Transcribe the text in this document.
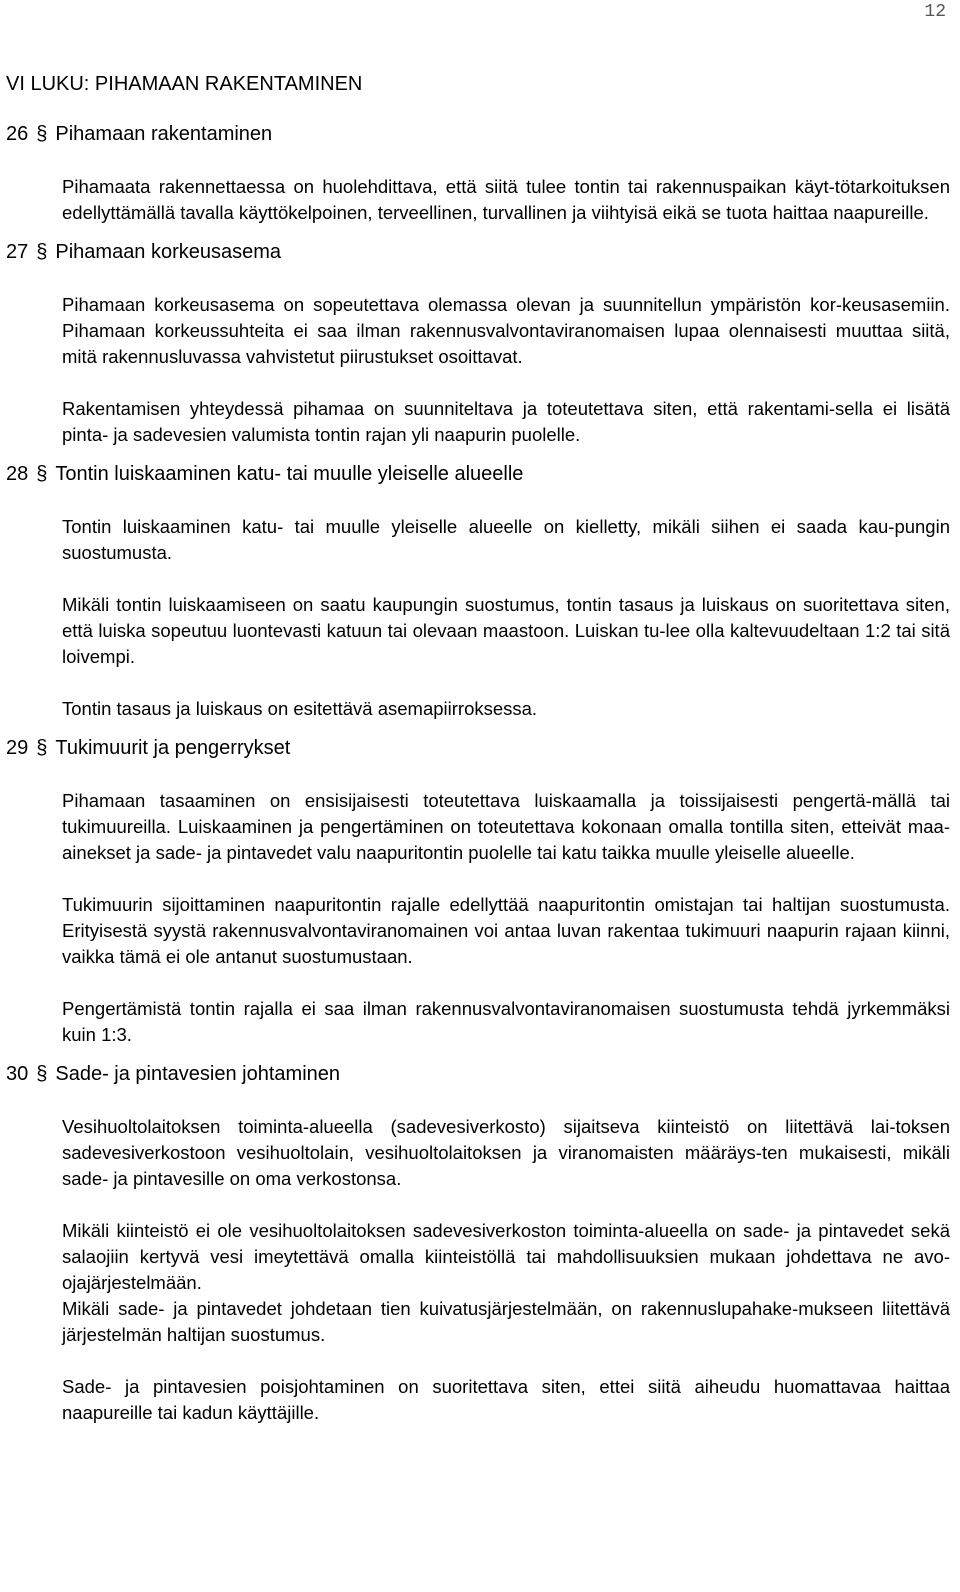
12
VI LUKU: PIHAMAAN RAKENTAMINEN
26 § Pihamaan rakentaminen

Pihamaata rakennettaessa on huolehdittava, että siitä tulee tontin tai rakennuspaikan käyt-tötarkoituksen edellyttämällä tavalla käyttökelpoinen, terveellinen, turvallinen ja viihtyisä eikä se tuota haittaa naapureille.

27 § Pihamaan korkeusasema

Pihamaan korkeusasema on sopeutettava olemassa olevan ja suunnitellun ympäristön kor-keusasemiin. Pihamaan korkeussuhteita ei saa ilman rakennusvalvontaviranomaisen lupaa olennaisesti muuttaa siitä, mitä rakennusluvassa vahvistetut piirustukset osoittavat.

Rakentamisen yhteydessä pihamaa on suunniteltava ja toteutettava siten, että rakentami-sella ei lisätä pinta- ja sadevesien valumista tontin rajan yli naapurin puolelle.

28 § Tontin luiskaaminen katu- tai muulle yleiselle alueelle

Tontin luiskaaminen katu- tai muulle yleiselle alueelle on kielletty, mikäli siihen ei saada kau-pungin suostumusta.

Mikäli tontin luiskaamiseen on saatu kaupungin suostumus, tontin tasaus ja luiskaus on suoritettava siten, että luiska sopeutuu luontevasti katuun tai olevaan maastoon. Luiskan tu-lee olla kaltevuudeltaan 1:2 tai sitä loivempi.

Tontin tasaus ja luiskaus on esitettävä asemapiirroksessa.

29 § Tukimuurit ja pengerrykset

Pihamaan tasaaminen on ensisijaisesti toteutettava luiskaamalla ja toissijaisesti pengertä-mällä tai tukimuureilla. Luiskaaminen ja pengertäminen on toteutettava kokonaan omalla tontilla siten, etteivät maa-ainekset ja sade- ja pintavedet valu naapuritontin puolelle tai katu taikka muulle yleiselle alueelle.

Tukimuurin sijoittaminen naapuritontin rajalle edellyttää naapuritontin omistajan tai haltijan suostumusta. Erityisestä syystä rakennusvalvontaviranomainen voi antaa luvan rakentaa tukimuuri naapurin rajaan kiinni, vaikka tämä ei ole antanut suostumustaan.

Pengertämistä tontin rajalla ei saa ilman rakennusvalvontaviranomaisen suostumusta tehdä jyrkemmäksi kuin 1:3.

30 § Sade- ja pintavesien johtaminen

Vesihuoltolaitoksen toiminta-alueella (sadevesiverkosto) sijaitseva kiinteistö on liitettävä lai-toksen sadevesiverkostoon vesihuoltolain, vesihuoltolaitoksen ja viranomaisten määräys-ten mukaisesti, mikäli sade- ja pintavesille on oma verkostonsa.

Mikäli kiinteistö ei ole vesihuoltolaitoksen sadevesiverkoston toiminta-alueella on sade- ja pintavedet sekä salaojiin kertyvä vesi imeytettävä omalla kiinteistöllä tai mahdollisuuksien mukaan johdettava ne avo-ojajärjestelmään.

Mikäli sade- ja pintavedet johdetaan tien kuivatusjärjestelmään, on rakennuslupahake-mukseen liitettävä järjestelmän haltijan suostumus.

Sade- ja pintavesien poisjohtaminen on suoritettava siten, ettei siitä aiheudu huomattavaa haittaa naapureille tai kadun käyttäjille.
